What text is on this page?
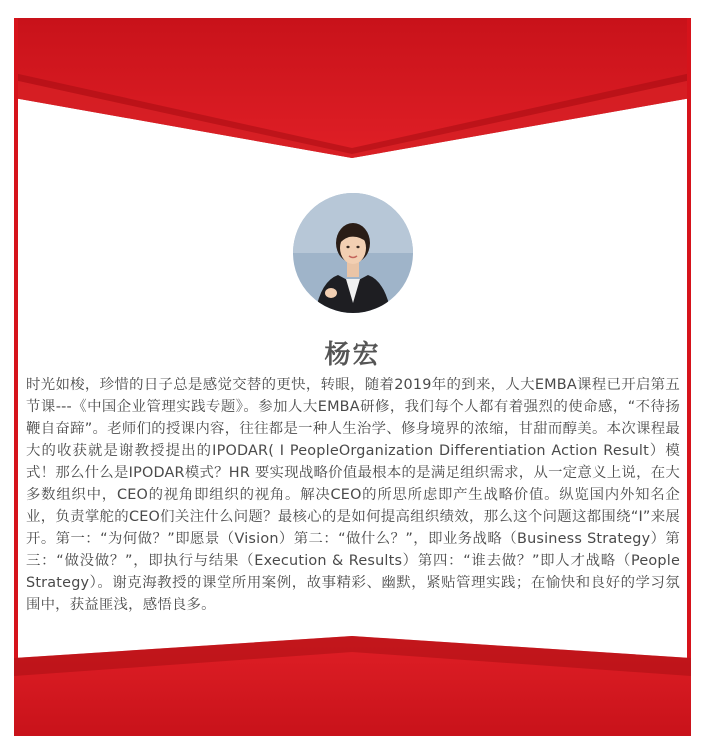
杨宏

时光如梭，珍惜的日子总是感觉交替的更快，转眼，随着2019年的到来，人大EMBA课程已开启第五节课---《中国企业管理实践专题》。参加人大EMBA研修，我们每个人都有着强烈的使命感，“不待扬鞭自奋蹄”。老师们的授课内容，往往都是一种人生治学、修身境界的浓缩，甘甜而醇美。本次课程最大的收获就是谢教授提出的IPODAR( I PeopleOrganization Differentiation Action Result）模式！那么什么是IPODAR模式？HR 要实现战略价值最根本的是满足组织需求，从一定意义上说，在大多数组织中，CEO的视角即组织的视角。解决CEO的所思所虑即产生战略价值。纵览国内外知名企业，负责掌舵的CEO们关注什么问题？最核心的是如何提高组织绩效，那么这个问题这都围绕“I”来展开。第一：“为何做？”即愿景（Vision）第二：“做什么？”，即业务战略（Business Strategy）第三：“做没做？”，即执行与结果（Execution & Results）第四：“谁去做？”即人才战略（People Strategy）。谢克海教授的课堂所用案例，故事精彩、幽默，紧贴管理实践；在愉快和良好的学习氛围中，获益匪浅，感悟良多。
